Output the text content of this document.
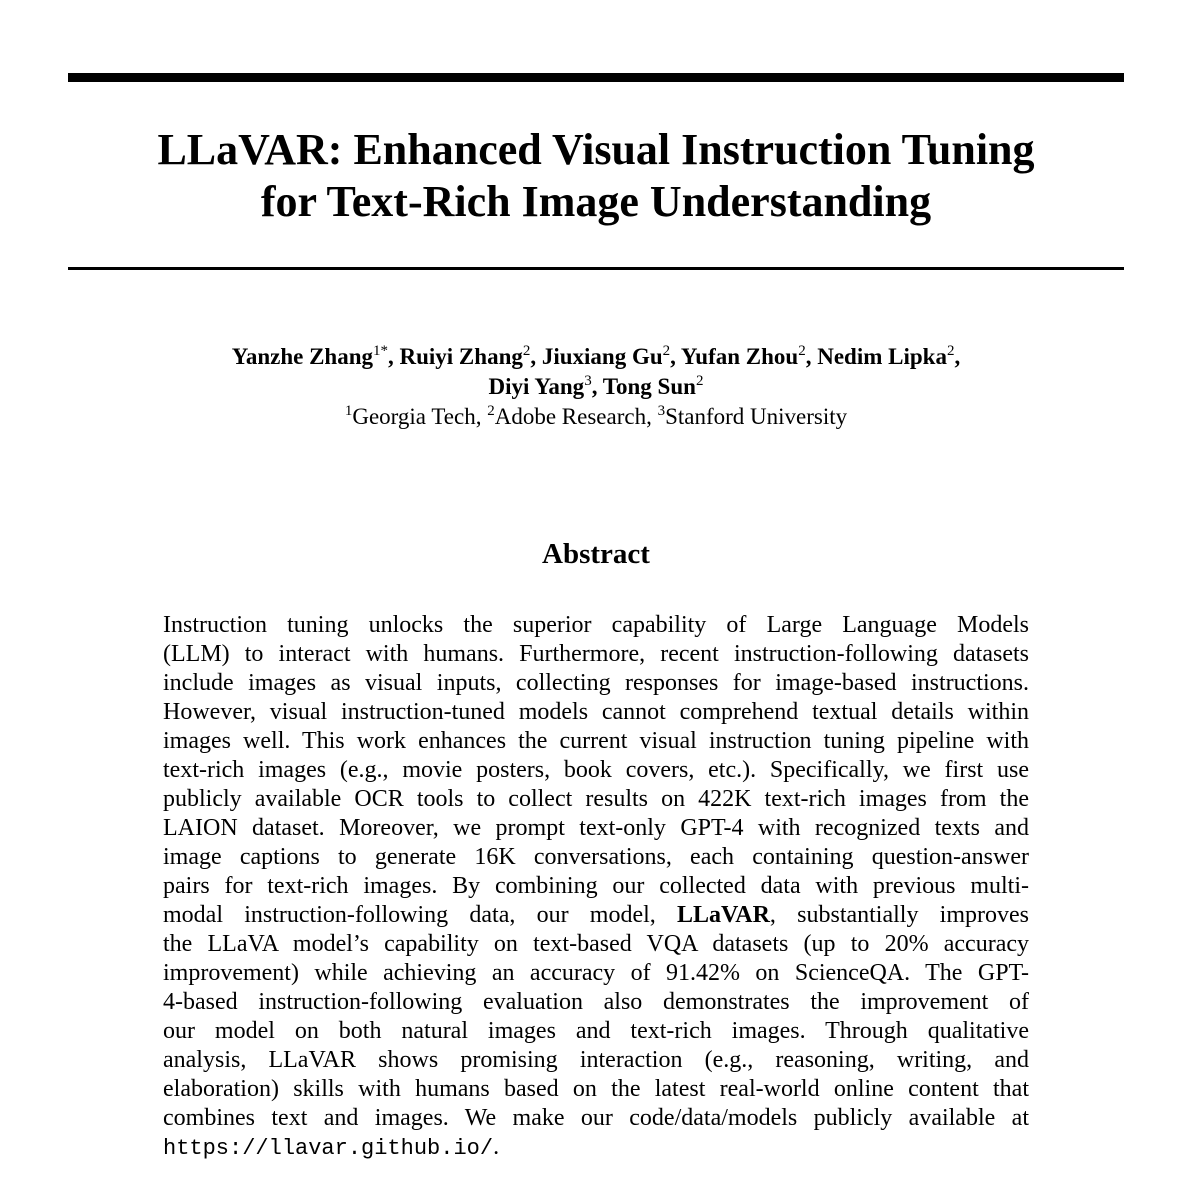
LLaVAR: Enhanced Visual Instruction Tuning
for Text-Rich Image Understanding
Yanzhe Zhang$^{1*}$, Ruiyi Zhang$^2$, Jiuxiang Gu$^2$, Yufan Zhou$^2$, Nedim Lipka$^2$,
Diyi Yang$^3$, Tong Sun$^2$
$^1$Georgia Tech, $^2$Adobe Research, $^3$Stanford University
Abstract
Instruction tuning unlocks the superior capability of Large Language Models
(LLM) to interact with humans. Furthermore, recent instruction-following datasets
include images as visual inputs, collecting responses for image-based instructions.
However, visual instruction-tuned models cannot comprehend textual details within
images well. This work enhances the current visual instruction tuning pipeline with
text-rich images (e.g., movie posters, book covers, etc.). Specifically, we first use
publicly available OCR tools to collect results on 422K text-rich images from the
LAION dataset. Moreover, we prompt text-only GPT-4 with recognized texts and
image captions to generate 16K conversations, each containing question-answer
pairs for text-rich images. By combining our collected data with previous multi-
modal instruction-following data, our model, LLaVAR, substantially improves
the LLaVA model’s capability on text-based VQA datasets (up to 20% accuracy
improvement) while achieving an accuracy of 91.42% on ScienceQA. The GPT-
4-based instruction-following evaluation also demonstrates the improvement of
our model on both natural images and text-rich images. Through qualitative
analysis, LLaVAR shows promising interaction (e.g., reasoning, writing, and
elaboration) skills with humans based on the latest real-world online content that
combines text and images. We make our code/data/models publicly available at
https://llavar.github.io/.
